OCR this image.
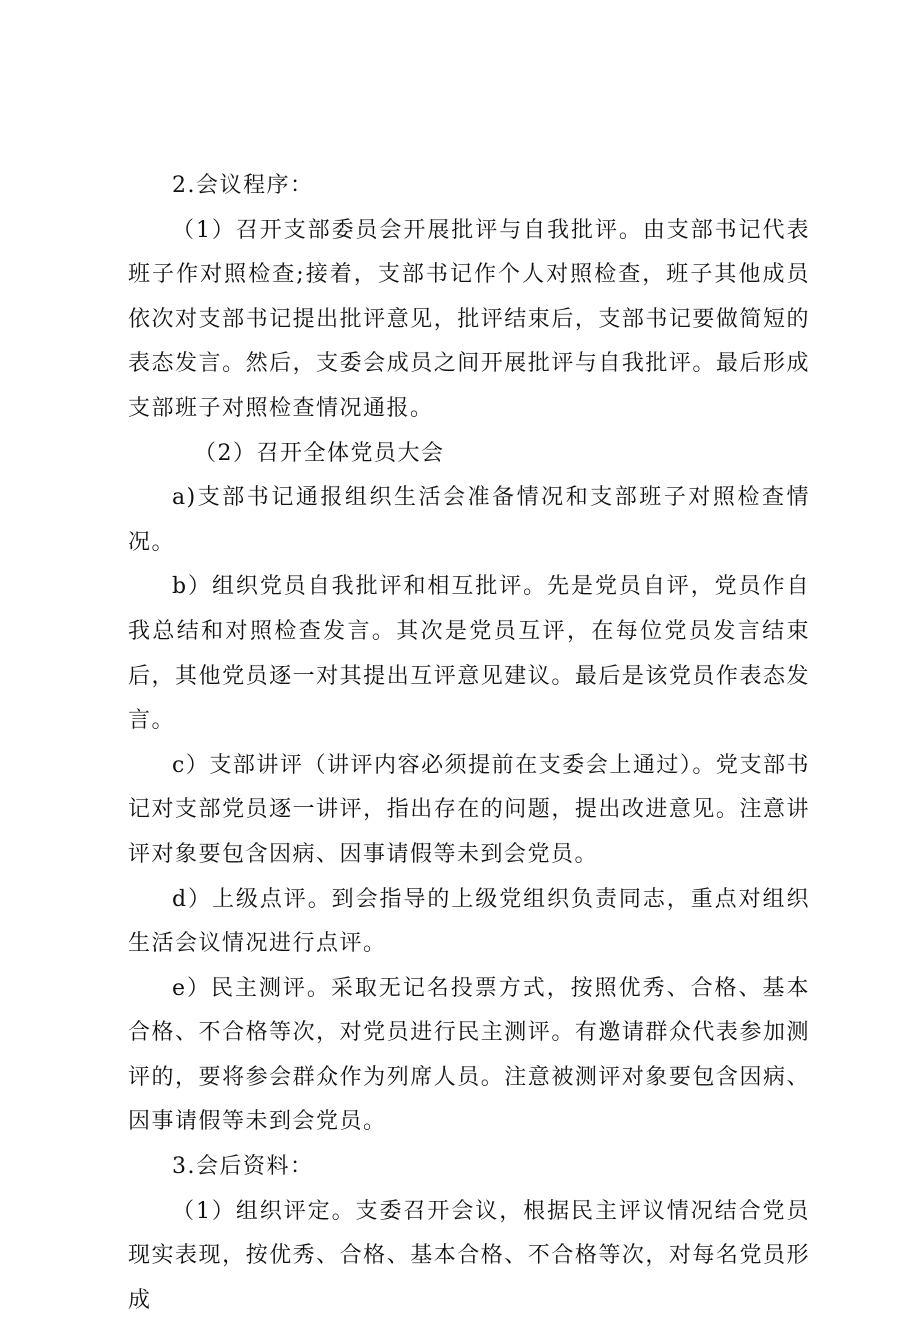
2.会议程序：

（1）召开支部委员会开展批评与自我批评。由支部书记代表班子作对照检查;接着，支部书记作个人对照检查，班子其他成员依次对支部书记提出批评意见，批评结束后，支部书记要做简短的表态发言。然后，支委会成员之间开展批评与自我批评。最后形成支部班子对照检查情况通报。

（2）召开全体党员大会

a)支部书记通报组织生活会准备情况和支部班子对照检查情况。

b）组织党员自我批评和相互批评。先是党员自评，党员作自我总结和对照检查发言。其次是党员互评，在每位党员发言结束后，其他党员逐一对其提出互评意见建议。最后是该党员作表态发言。

c）支部讲评（讲评内容必须提前在支委会上通过）。党支部书记对支部党员逐一讲评，指出存在的问题，提出改进意见。注意讲评对象要包含因病、因事请假等未到会党员。

d）上级点评。到会指导的上级党组织负责同志，重点对组织生活会议情况进行点评。

e）民主测评。采取无记名投票方式，按照优秀、合格、基本合格、不合格等次，对党员进行民主测评。有邀请群众代表参加测评的，要将参会群众作为列席人员。注意被测评对象要包含因病、因事请假等未到会党员。

3.会后资料：

（1）组织评定。支委召开会议，根据民主评议情况结合党员现实表现，按优秀、合格、基本合格、不合格等次，对每名党员形成
